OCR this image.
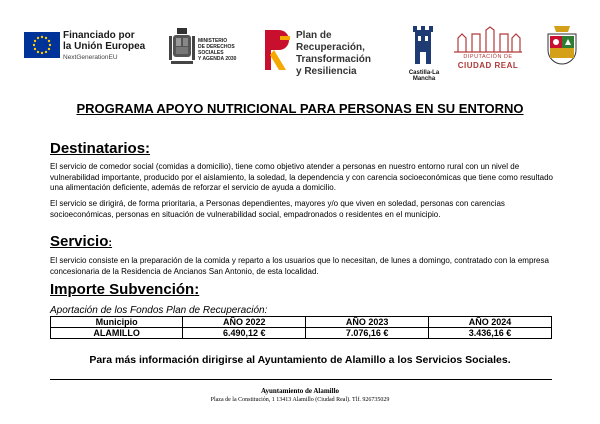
Financiado por
la Unión Europea
NextGenerationEU
MINISTERIO
DE DERECHOS SOCIALES
Y AGENDA 2030
Plan de Recuperación,
Transformación
y Resiliencia	Castilla-La Mancha
DIPUTACIÓN DE
CIUDAD REAL
PROGRAMA APOYO NUTRICIONAL PARA PERSONAS EN SU ENTORNO
Destinatarios:
El servicio de comedor social (comidas a domicilio), tiene como objetivo atender a personas en nuestro entorno rural con un nivel de vulnerabilidad importante, producido por el aislamiento, la soledad, la dependencia y con carencia socioeconómicas que tiene como resultado una alimentación deficiente, además de reforzar el servicio de ayuda a domicilio.
El servicio se dirigirá, de forma prioritaria, a Personas dependientes, mayores y/o que viven en soledad, personas con carencias socioeconómicas, personas en situación de vulnerabilidad social, empadronados o residentes en el municipio.
Servicio:
El servicio consiste en la preparación de la comida y reparto a los usuarios que lo necesitan, de lunes a domingo, contratado con la empresa concesionaria de la Residencia de Ancianos San Antonio, de esta localidad.
Importe Subvención:
Aportación de los Fondos Plan de Recuperación:
Municipio	AÑO 2022	AÑO 2023	AÑO 2024
ALAMILLO	6.490,12 €	7.076,16 €	3.436,16 €
Para más información dirigirse al Ayuntamiento de Alamillo a los Servicios Sociales.
Ayuntamiento de Alamillo
Plaza de la Constitución, 1 13413 Alamillo (Ciudad Real). Tlf. 926735029
